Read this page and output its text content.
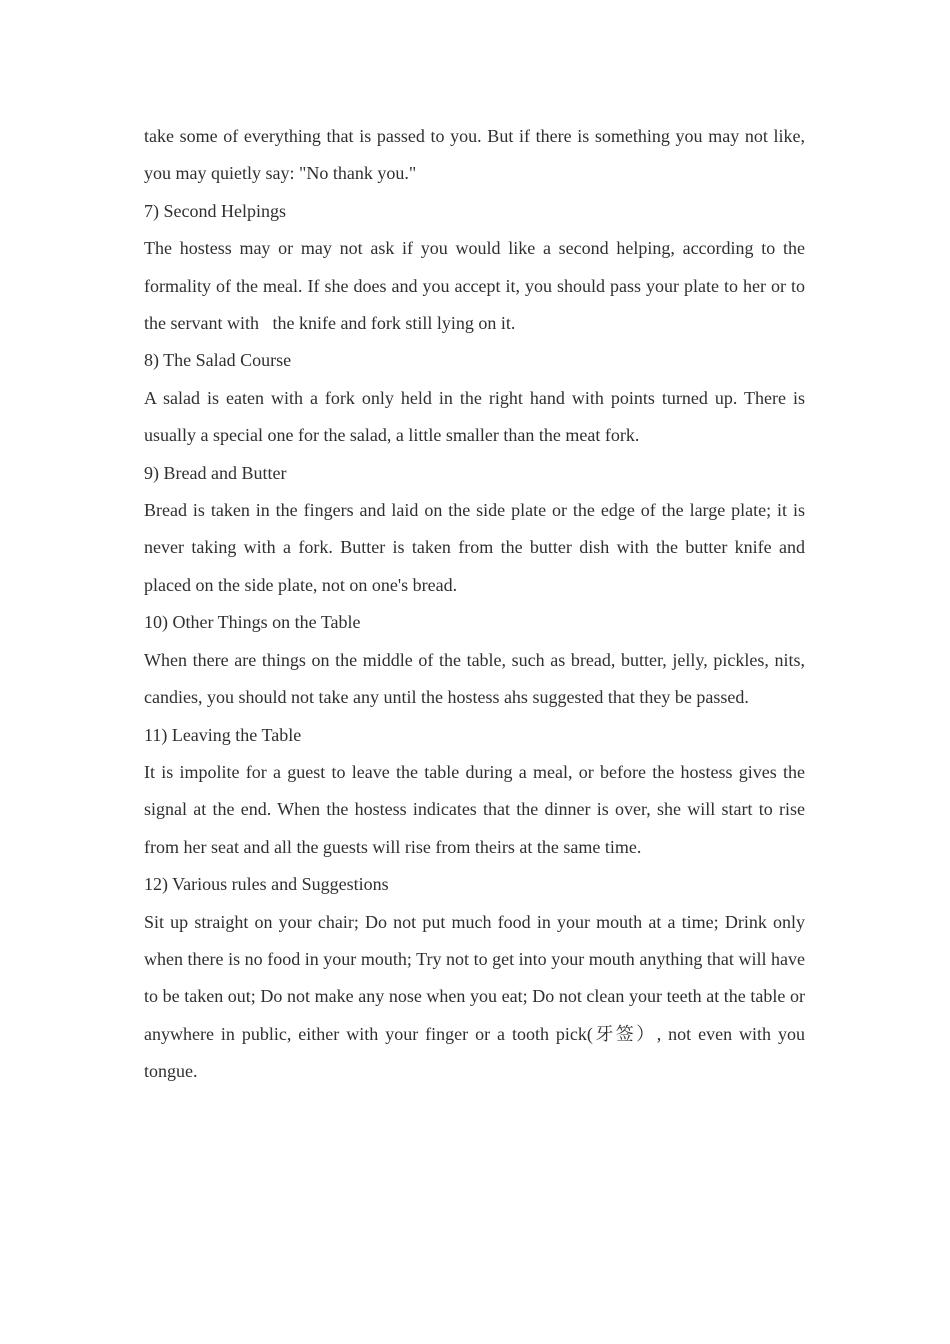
take some of everything that is passed to you. But if there is something you may not like, you may quietly say: "No thank you."

7) Second Helpings

The hostess may or may not ask if you would like a second helping, according to the formality of the meal. If she does and you accept it, you should pass your plate to her or to the servant with   the knife and fork still lying on it.

8) The Salad Course

A salad is eaten with a fork only held in the right hand with points turned up. There is usually a special one for the salad, a little smaller than the meat fork.

9) Bread and Butter

Bread is taken in the fingers and laid on the side plate or the edge of the large plate; it is never taking with a fork. Butter is taken from the butter dish with the butter knife and placed on the side plate, not on one's bread.

10) Other Things on the Table

When there are things on the middle of the table, such as bread, butter, jelly, pickles, nits, candies, you should not take any until the hostess ahs suggested that they be passed.

11) Leaving the Table

It is impolite for a guest to leave the table during a meal, or before the hostess gives the signal at the end. When the hostess indicates that the dinner is over, she will start to rise from her seat and all the guests will rise from theirs at the same time.

12) Various rules and Suggestions

Sit up straight on your chair; Do not put much food in your mouth at a time; Drink only when there is no food in your mouth; Try not to get into your mouth anything that will have to be taken out; Do not make any nose when you eat; Do not clean your teeth at the table or anywhere in public, either with your finger or a tooth pick(牙签）, not even with you tongue.
